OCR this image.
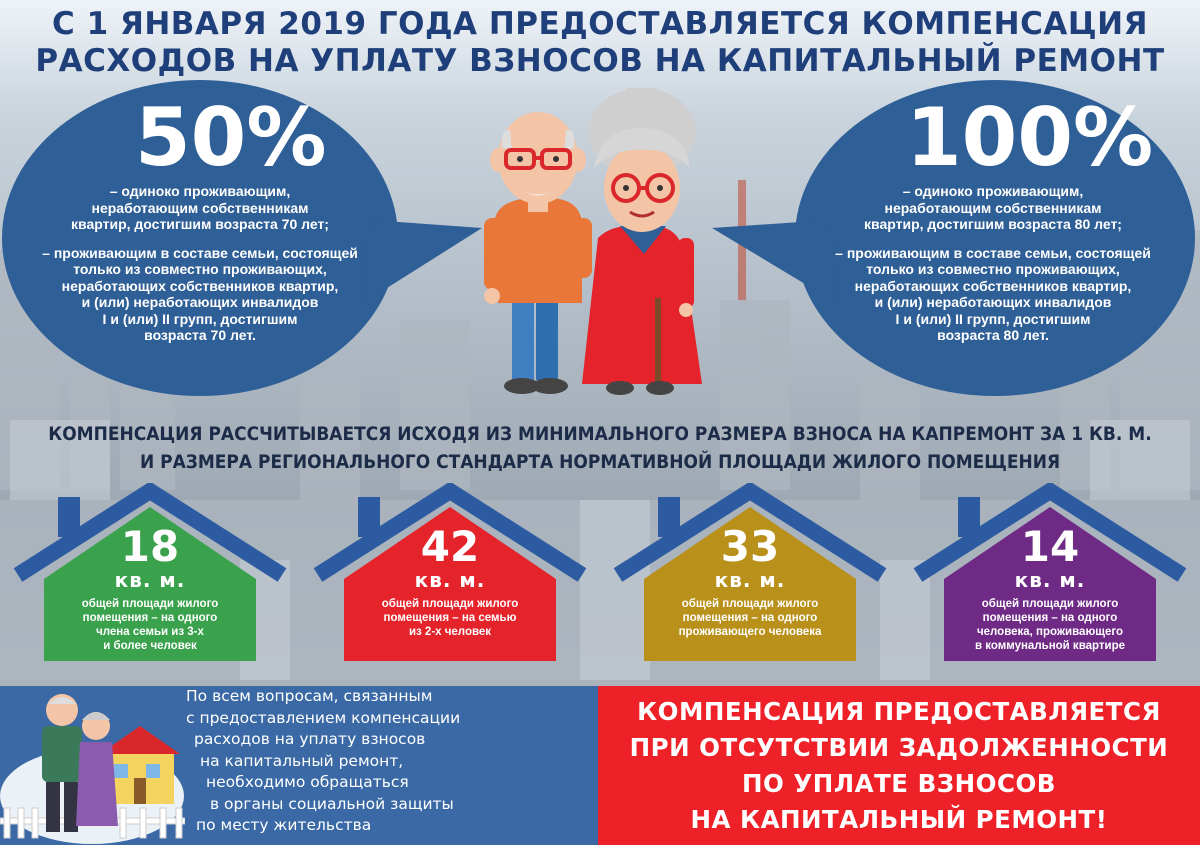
С 1 ЯНВАРЯ 2019 ГОДА ПРЕДОСТАВЛЯЕТСЯ КОМПЕНСАЦИЯ
РАСХОДОВ НА УПЛАТУ ВЗНОСОВ НА КАПИТАЛЬНЫЙ РЕМОНТ
50%
– одиноко проживающим,
неработающим собственникам
квартир, достигшим возраста 70 лет;
– проживающим в составе семьи, состоящей
только из совместно проживающих,
неработающих собственников квартир,
и (или) неработающих инвалидов
I и (или) II групп, достигшим
возраста 70 лет.
100%
– одиноко проживающим,
неработающим собственникам
квартир, достигшим возраста 80 лет;
– проживающим в составе семьи, состоящей
только из совместно проживающих,
неработающих собственников квартир,
и (или) неработающих инвалидов
I и (или) II групп, достигшим
возраста 80 лет.
КОМПЕНСАЦИЯ РАССЧИТЫВАЕТСЯ ИСХОДЯ ИЗ МИНИМАЛЬНОГО РАЗМЕРА ВЗНОСА НА КАПРЕМОНТ ЗА 1 КВ. М.
И РАЗМЕРА РЕГИОНАЛЬНОГО СТАНДАРТА НОРМАТИВНОЙ ПЛОЩАДИ ЖИЛОГО ПОМЕЩЕНИЯ
18
кв. м.
общей площади жилого
помещения – на одного
члена семьи из 3-х
и более человек
42
кв. м.
общей площади жилого
помещения – на семью
из 2-х человек
33
кв. м.
общей площади жилого
помещения – на одного
проживающего человека
14
кв. м.
общей площади жилого
помещения – на одного
человека, проживающего
в коммунальной квартире
По всем вопросам, связанным
с предоставлением компенсации
расходов на уплату взносов
на капитальный ремонт,
необходимо обращаться
в органы социальной защиты
по месту жительства
КОМПЕНСАЦИЯ ПРЕДОСТАВЛЯЕТСЯ
ПРИ ОТСУТСТВИИ ЗАДОЛЖЕННОСТИ
ПО УПЛАТЕ ВЗНОСОВ
НА КАПИТАЛЬНЫЙ РЕМОНТ!
